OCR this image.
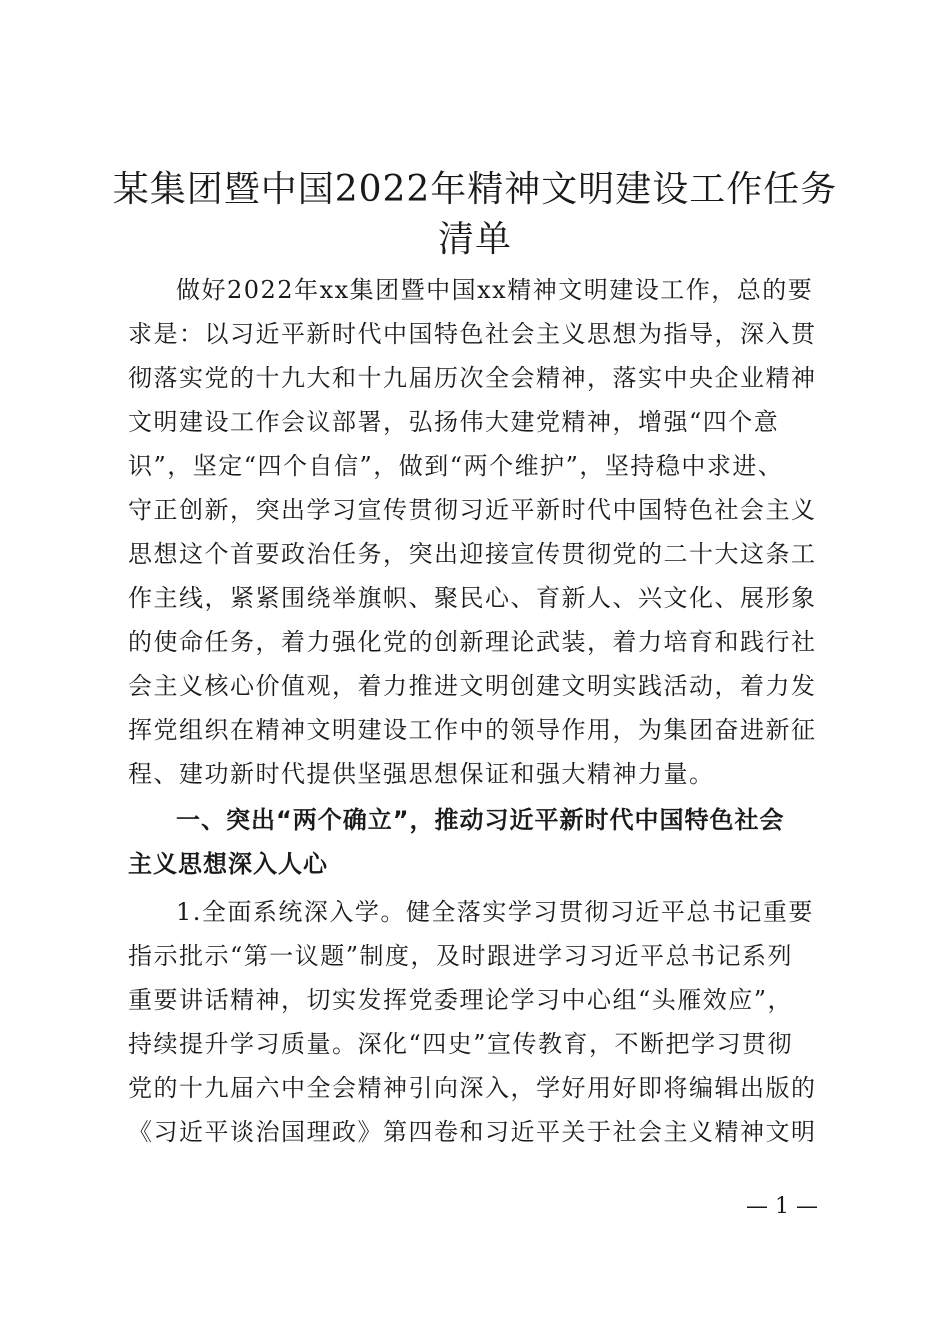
某集团暨中国2022年精神文明建设工作任务
清单
做好2022年xx集团暨中国xx精神文明建设工作，总的要
求是：以习近平新时代中国特色社会主义思想为指导，深入贯
彻落实党的十九大和十九届历次全会精神，落实中央企业精神
文明建设工作会议部署，弘扬伟大建党精神，增强“四个意
识”，坚定“四个自信”，做到“两个维护”，坚持稳中求进、
守正创新，突出学习宣传贯彻习近平新时代中国特色社会主义
思想这个首要政治任务，突出迎接宣传贯彻党的二十大这条工
作主线，紧紧围绕举旗帜、聚民心、育新人、兴文化、展形象
的使命任务，着力强化党的创新理论武装，着力培育和践行社
会主义核心价值观，着力推进文明创建文明实践活动，着力发
挥党组织在精神文明建设工作中的领导作用，为集团奋进新征
程、建功新时代提供坚强思想保证和强大精神力量。
一、突出“两个确立”，推动习近平新时代中国特色社会
主义思想深入人心
1.全面系统深入学。健全落实学习贯彻习近平总书记重要
指示批示“第一议题”制度，及时跟进学习习近平总书记系列
重要讲话精神，切实发挥党委理论学习中心组“头雁效应”，
持续提升学习质量。深化“四史”宣传教育，不断把学习贯彻
党的十九届六中全会精神引向深入，学好用好即将编辑出版的
《习近平谈治国理政》第四卷和习近平关于社会主义精神文明
— 1 —
